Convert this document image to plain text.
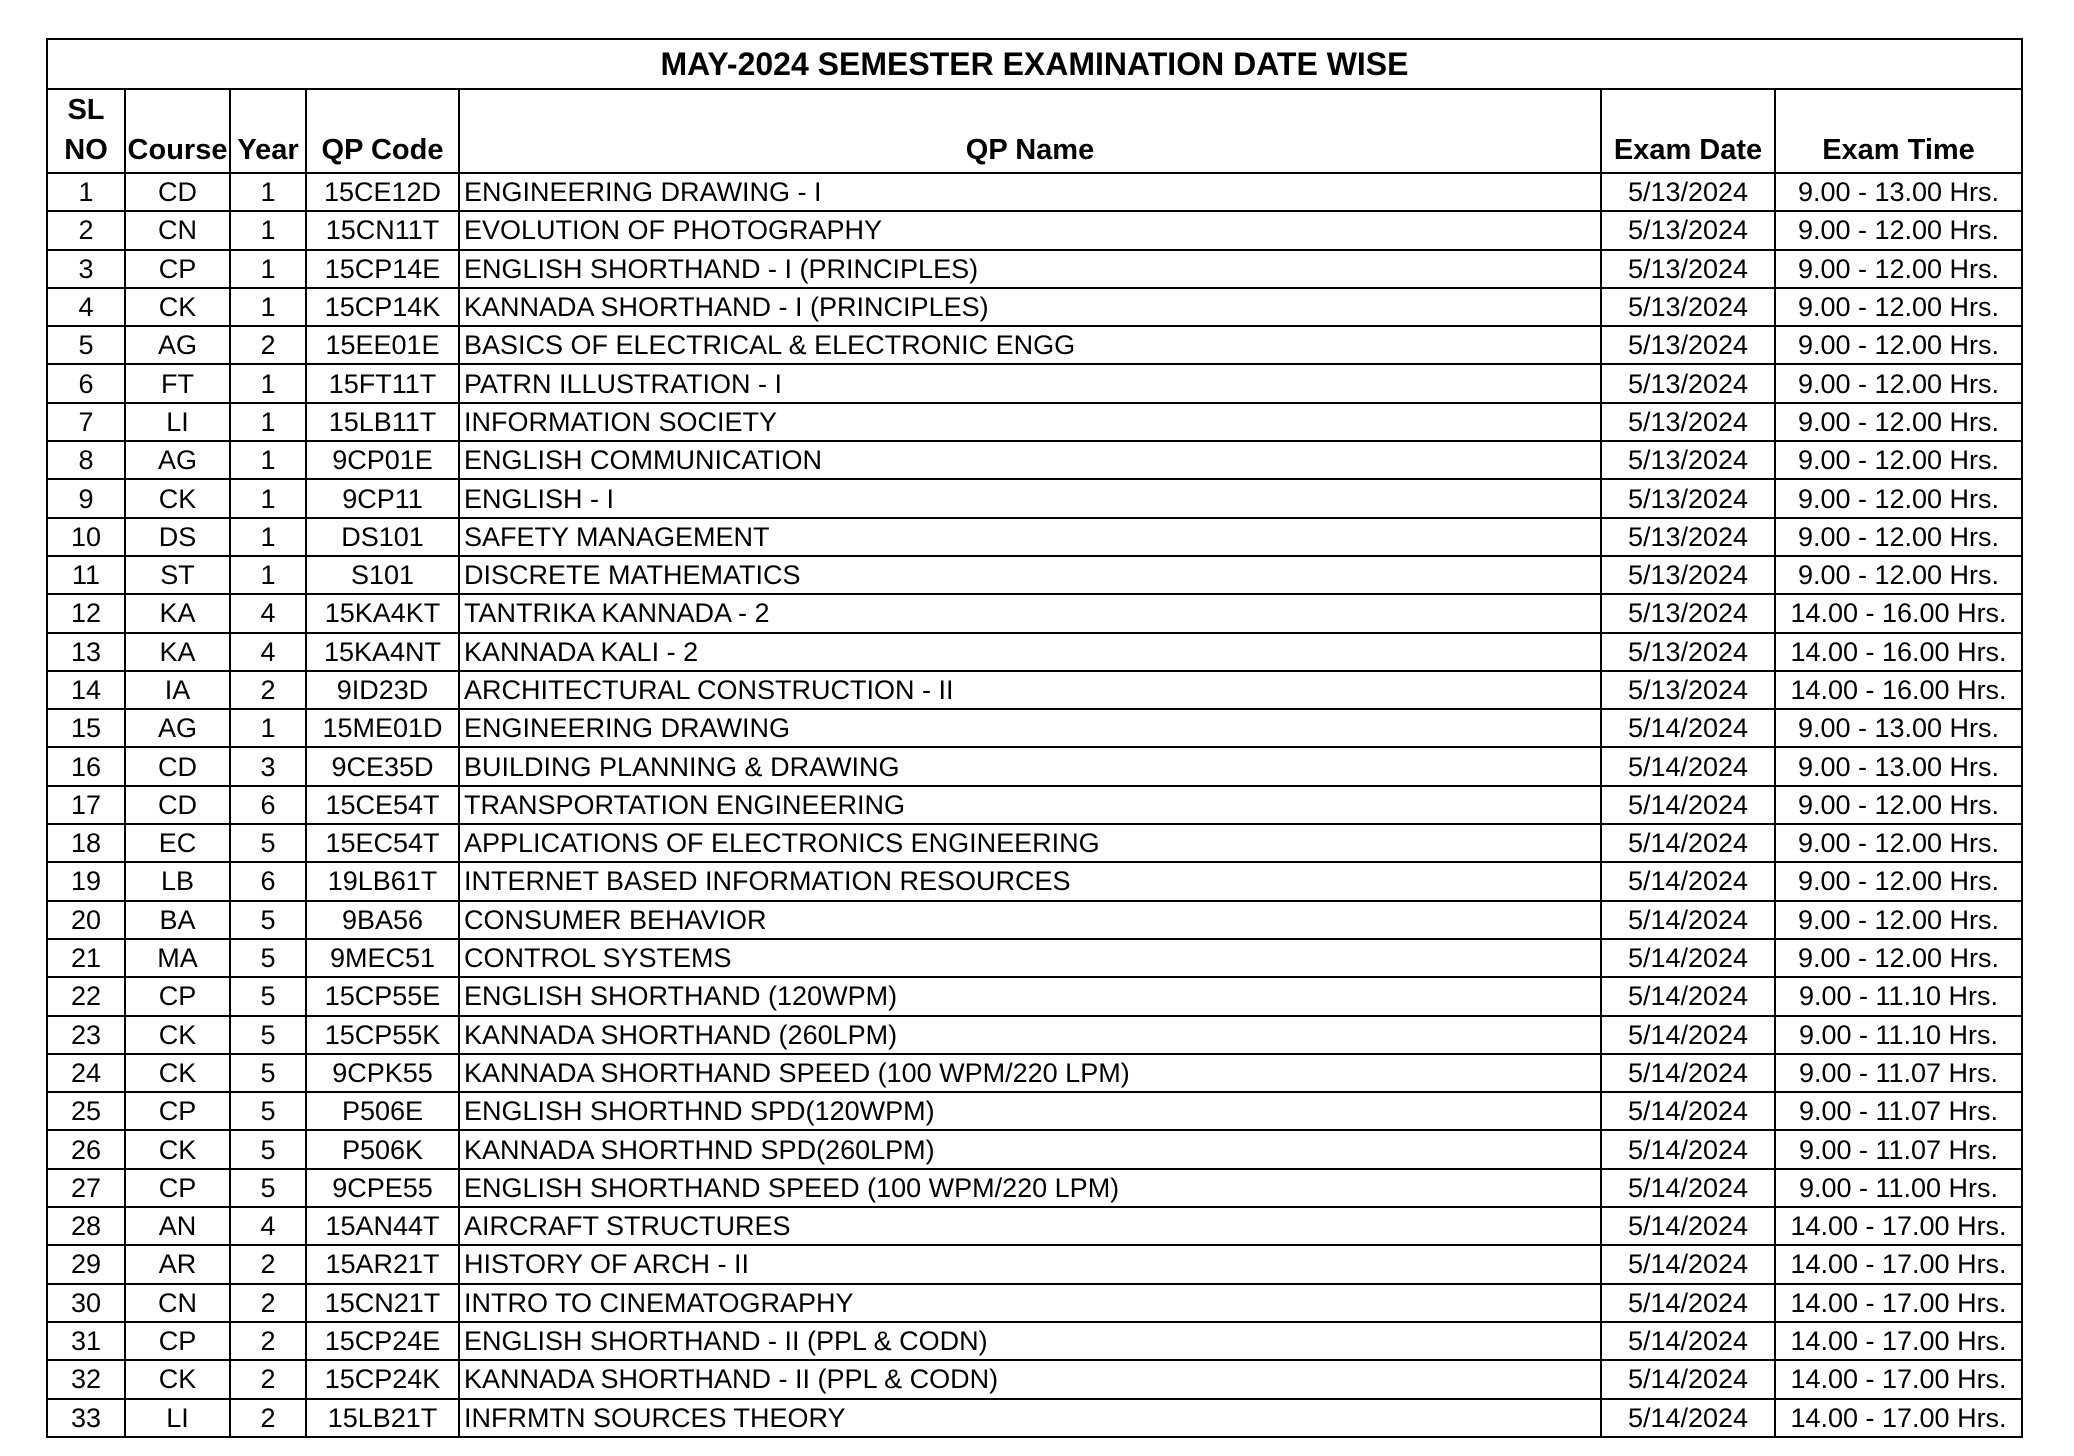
MAY-2024 SEMESTER EXAMINATION DATE WISE						
SL
NO	Course	Year	QP Code	QP Name	Exam Date	Exam Time
1	CD	1	15CE12D	ENGINEERING DRAWING - I	5/13/2024	9.00 - 13.00 Hrs.
2	CN	1	15CN11T	EVOLUTION OF PHOTOGRAPHY	5/13/2024	9.00 - 12.00 Hrs.
3	CP	1	15CP14E	ENGLISH SHORTHAND - I (PRINCIPLES)	5/13/2024	9.00 - 12.00 Hrs.
4	CK	1	15CP14K	KANNADA SHORTHAND - I (PRINCIPLES)	5/13/2024	9.00 - 12.00 Hrs.
5	AG	2	15EE01E	BASICS OF ELECTRICAL & ELECTRONIC ENGG	5/13/2024	9.00 - 12.00 Hrs.
6	FT	1	15FT11T	PATRN ILLUSTRATION - I	5/13/2024	9.00 - 12.00 Hrs.
7	LI	1	15LB11T	INFORMATION SOCIETY	5/13/2024	9.00 - 12.00 Hrs.
8	AG	1	9CP01E	ENGLISH COMMUNICATION	5/13/2024	9.00 - 12.00 Hrs.
9	CK	1	9CP11	ENGLISH - I	5/13/2024	9.00 - 12.00 Hrs.
10	DS	1	DS101	SAFETY MANAGEMENT	5/13/2024	9.00 - 12.00 Hrs.
11	ST	1	S101	DISCRETE MATHEMATICS	5/13/2024	9.00 - 12.00 Hrs.
12	KA	4	15KA4KT	TANTRIKA KANNADA - 2	5/13/2024	14.00 - 16.00 Hrs.
13	KA	4	15KA4NT	KANNADA KALI - 2	5/13/2024	14.00 - 16.00 Hrs.
14	IA	2	9ID23D	ARCHITECTURAL CONSTRUCTION - II	5/13/2024	14.00 - 16.00 Hrs.
15	AG	1	15ME01D	ENGINEERING DRAWING	5/14/2024	9.00 - 13.00 Hrs.
16	CD	3	9CE35D	BUILDING PLANNING & DRAWING	5/14/2024	9.00 - 13.00 Hrs.
17	CD	6	15CE54T	TRANSPORTATION ENGINEERING	5/14/2024	9.00 - 12.00 Hrs.
18	EC	5	15EC54T	APPLICATIONS OF ELECTRONICS ENGINEERING	5/14/2024	9.00 - 12.00 Hrs.
19	LB	6	19LB61T	INTERNET BASED INFORMATION RESOURCES	5/14/2024	9.00 - 12.00 Hrs.
20	BA	5	9BA56	CONSUMER BEHAVIOR	5/14/2024	9.00 - 12.00 Hrs.
21	MA	5	9MEC51	CONTROL SYSTEMS	5/14/2024	9.00 - 12.00 Hrs.
22	CP	5	15CP55E	ENGLISH SHORTHAND (120WPM)	5/14/2024	9.00 - 11.10 Hrs.
23	CK	5	15CP55K	KANNADA SHORTHAND (260LPM)	5/14/2024	9.00 - 11.10 Hrs.
24	CK	5	9CPK55	KANNADA SHORTHAND SPEED (100 WPM/220 LPM)	5/14/2024	9.00 - 11.07 Hrs.
25	CP	5	P506E	ENGLISH SHORTHND SPD(120WPM)	5/14/2024	9.00 - 11.07 Hrs.
26	CK	5	P506K	KANNADA SHORTHND SPD(260LPM)	5/14/2024	9.00 - 11.07 Hrs.
27	CP	5	9CPE55	ENGLISH SHORTHAND SPEED (100 WPM/220 LPM)	5/14/2024	9.00 - 11.00 Hrs.
28	AN	4	15AN44T	AIRCRAFT STRUCTURES	5/14/2024	14.00 - 17.00 Hrs.
29	AR	2	15AR21T	HISTORY OF ARCH - II	5/14/2024	14.00 - 17.00 Hrs.
30	CN	2	15CN21T	INTRO TO CINEMATOGRAPHY	5/14/2024	14.00 - 17.00 Hrs.
31	CP	2	15CP24E	ENGLISH SHORTHAND - II (PPL & CODN)	5/14/2024	14.00 - 17.00 Hrs.
32	CK	2	15CP24K	KANNADA SHORTHAND - II (PPL & CODN)	5/14/2024	14.00 - 17.00 Hrs.
33	LI	2	15LB21T	INFRMTN SOURCES THEORY	5/14/2024	14.00 - 17.00 Hrs.
